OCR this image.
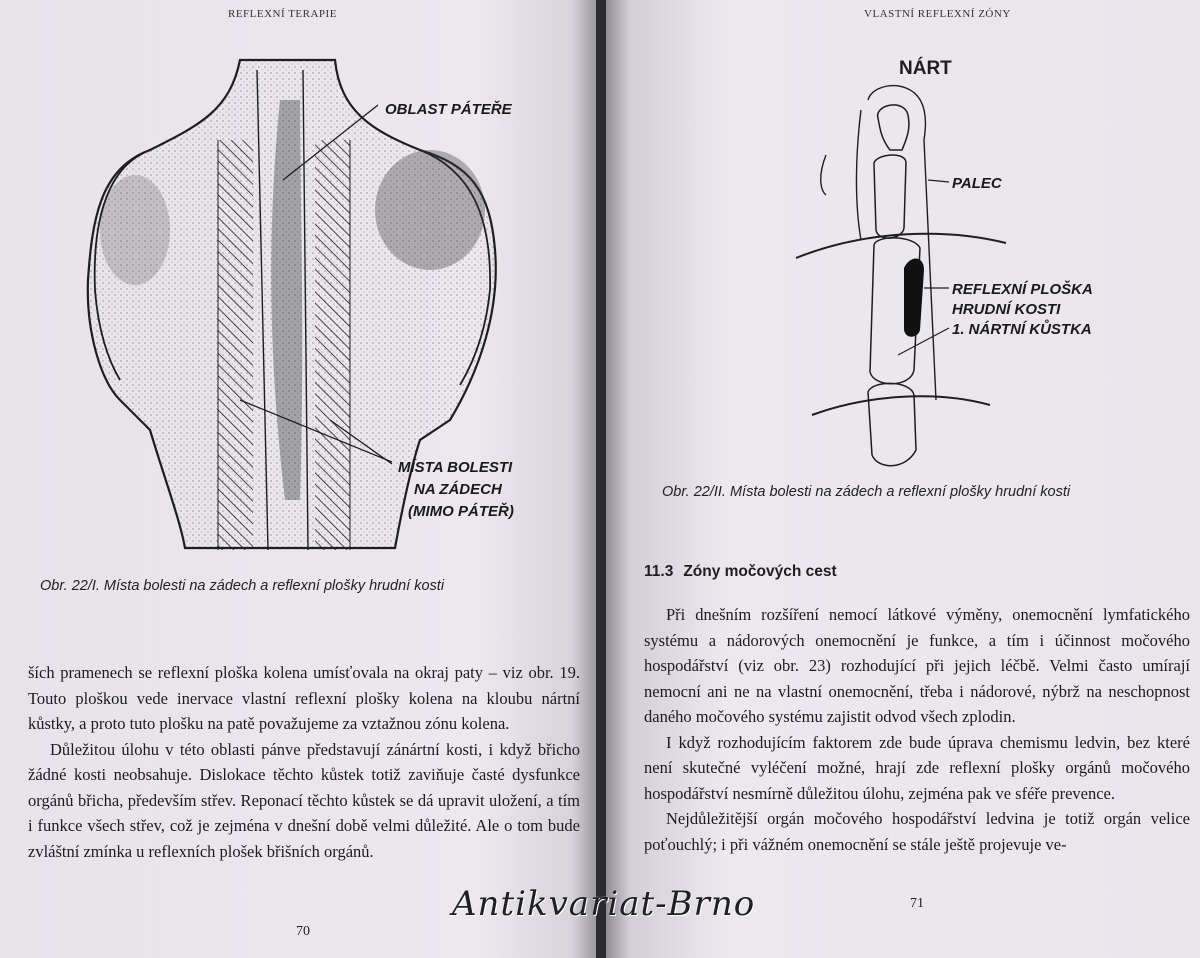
REFLEXNÍ TERAPIE
OBLAST PÁTEŘE
MÍSTA BOLESTI
NA ZÁDECH
(MIMO PÁTEŘ)
Obr. 22/I. Místa bolesti na zádech a reflexní plošky hrudní kosti

ších pramenech se reflexní ploška kolena umísťovala na okraj paty – viz obr. 19. Touto ploškou vede inervace vlastní reflexní plošky kolena na kloubu nártní kůstky, a proto tuto plošku na patě považujeme za vztažnou zónu kolena.

Důležitou úlohu v této oblasti pánve představují zánártní kosti, i když břicho žádné kosti neobsahuje. Dislokace těchto kůstek totiž zaviňuje časté dysfunkce orgánů břicha, především střev. Reponací těchto kůstek se dá upravit uložení, a tím i funkce všech střev, což je zejména v dnešní době velmi důležité. Ale o tom bude zvláštní zmínka u reflexních plošek břišních orgánů.

70
VLASTNÍ REFLEXNÍ ZÓNY
NÁRT
PALEC
REFLEXNÍ PLOŠKA
HRUDNÍ KOSTI
1. NÁRTNÍ KŮSTKA
Obr. 22/II. Místa bolesti na zádech a reflexní plošky hrudní kosti
11.3 Zóny močových cest

Při dnešním rozšíření nemocí látkové výměny, onemocnění lymfatického systému a nádorových onemocnění je funkce, a tím i účinnost močového hospodářství (viz obr. 23) rozhodující při jejich léčbě. Velmi často umírají nemocní ani ne na vlastní onemocnění, třeba i nádorové, nýbrž na neschopnost daného močového systému zajistit odvod všech zplodin.

I když rozhodujícím faktorem zde bude úprava chemismu ledvin, bez které není skutečné vyléčení možné, hrají zde reflexní plošky orgánů močového hospodářství nesmírně důležitou úlohu, zejména pak ve sféře prevence.

Nejdůležitější orgán močového hospodářství ledvina je totiž orgán velice poťouchlý; i při vážném onemocnění se stále ještě projevuje ve-

71
Antikvariat-Brno
